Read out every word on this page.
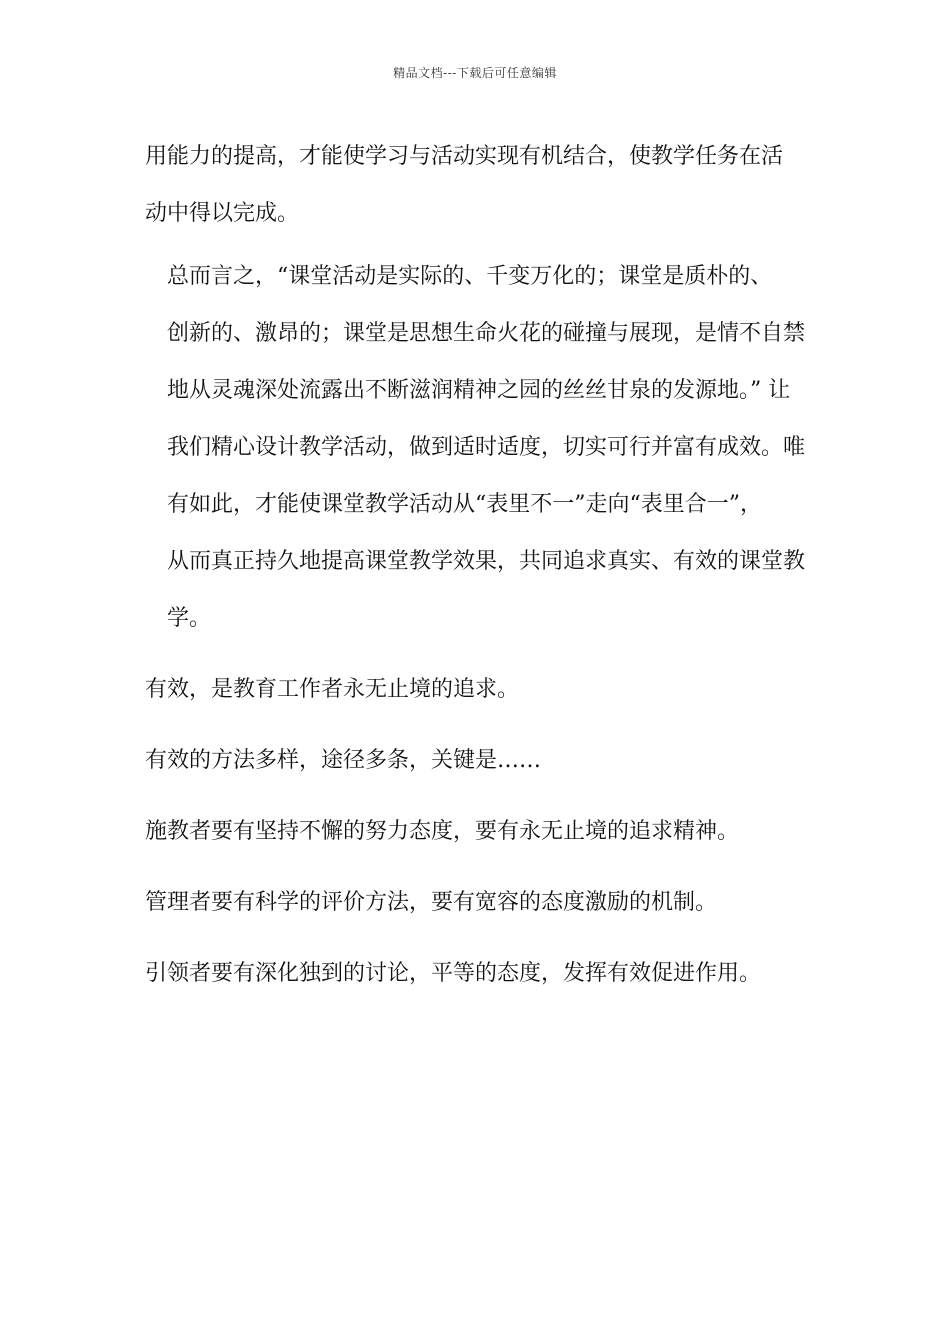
精品文档---下载后可任意编辑

用能力的提高，才能使学习与活动实现有机结合，使教学任务在活
动中得以完成。

总而言之，“课堂活动是实际的、千变万化的；课堂是质朴的、
创新的、激昂的；课堂是思想生命火花的碰撞与展现，是情不自禁
地从灵魂深处流露出不断滋润精神之园的丝丝甘泉的发源地。” 让
我们精心设计教学活动，做到适时适度，切实可行并富有成效。唯
有如此，才能使课堂教学活动从“表里不一”走向“表里合一”，
从而真正持久地提高课堂教学效果，共同追求真实、有效的课堂教
学。

有效，是教育工作者永无止境的追求。

有效的方法多样，途径多条，关键是……

施教者要有坚持不懈的努力态度，要有永无止境的追求精神。

管理者要有科学的评价方法，要有宽容的态度激励的机制。

引领者要有深化独到的讨论，平等的态度，发挥有效促进作用。
